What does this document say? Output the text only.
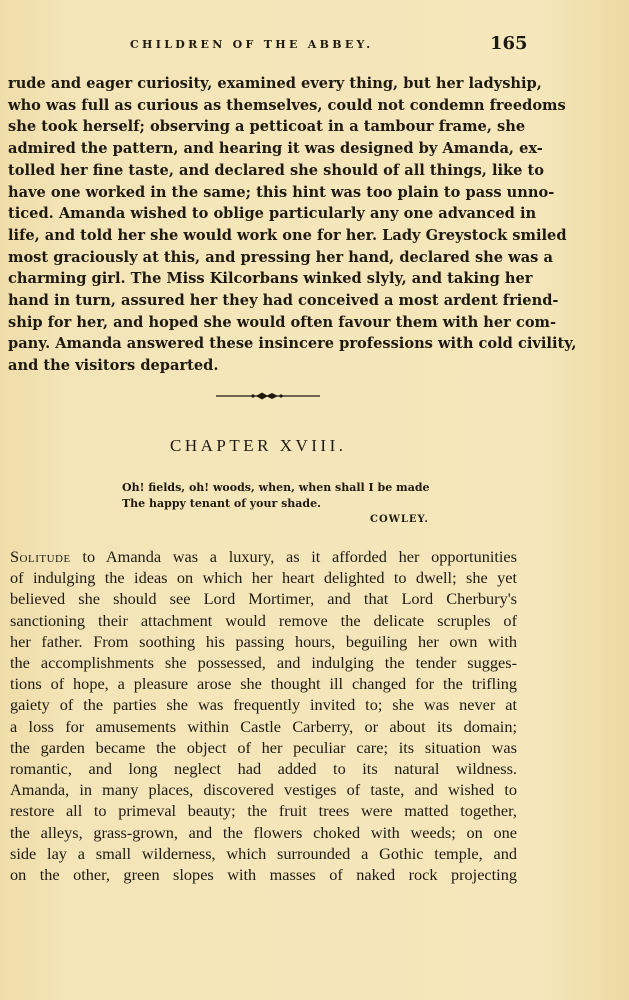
CHILDREN OF THE ABBEY.	165
rude and eager curiosity, examined every thing, but her ladyship,
who was full as curious as themselves, could not condemn freedoms
she took herself; observing a petticoat in a tambour frame, she
admired the pattern, and hearing it was designed by Amanda, ex-
tolled her fine taste, and declared she should of all things, like to
have one worked in the same; this hint was too plain to pass unno-
ticed. Amanda wished to oblige particularly any one advanced in
life, and told her she would work one for her. Lady Greystock smiled
most graciously at this, and pressing her hand, declared she was a
charming girl. The Miss Kilcorbans winked slyly, and taking her
hand in turn, assured her they had conceived a most ardent friend-
ship for her, and hoped she would often favour them with her com-
pany. Amanda answered these insincere professions with cold civility,
and the visitors departed.
CHAPTER XVIII.
Oh! fields, oh! woods, when, when shall I be made
The happy tenant of your shade.
COWLEY.
Solitude to Amanda was a luxury, as it afforded her opportunities
of indulging the ideas on which her heart delighted to dwell; she yet
believed she should see Lord Mortimer, and that Lord Cherbury's
sanctioning their attachment would remove the delicate scruples of
her father. From soothing his passing hours, beguiling her own with
the accomplishments she possessed, and indulging the tender sugges-
tions of hope, a pleasure arose she thought ill changed for the trifling
gaiety of the parties she was frequently invited to; she was never at
a loss for amusements within Castle Carberry, or about its domain;
the garden became the object of her peculiar care; its situation was
romantic, and long neglect had added to its natural wildness.
Amanda, in many places, discovered vestiges of taste, and wished to
restore all to primeval beauty; the fruit trees were matted together,
the alleys, grass-grown, and the flowers choked with weeds; on one
side lay a small wilderness, which surrounded a Gothic temple, and
on the other, green slopes with masses of naked rock projecting
